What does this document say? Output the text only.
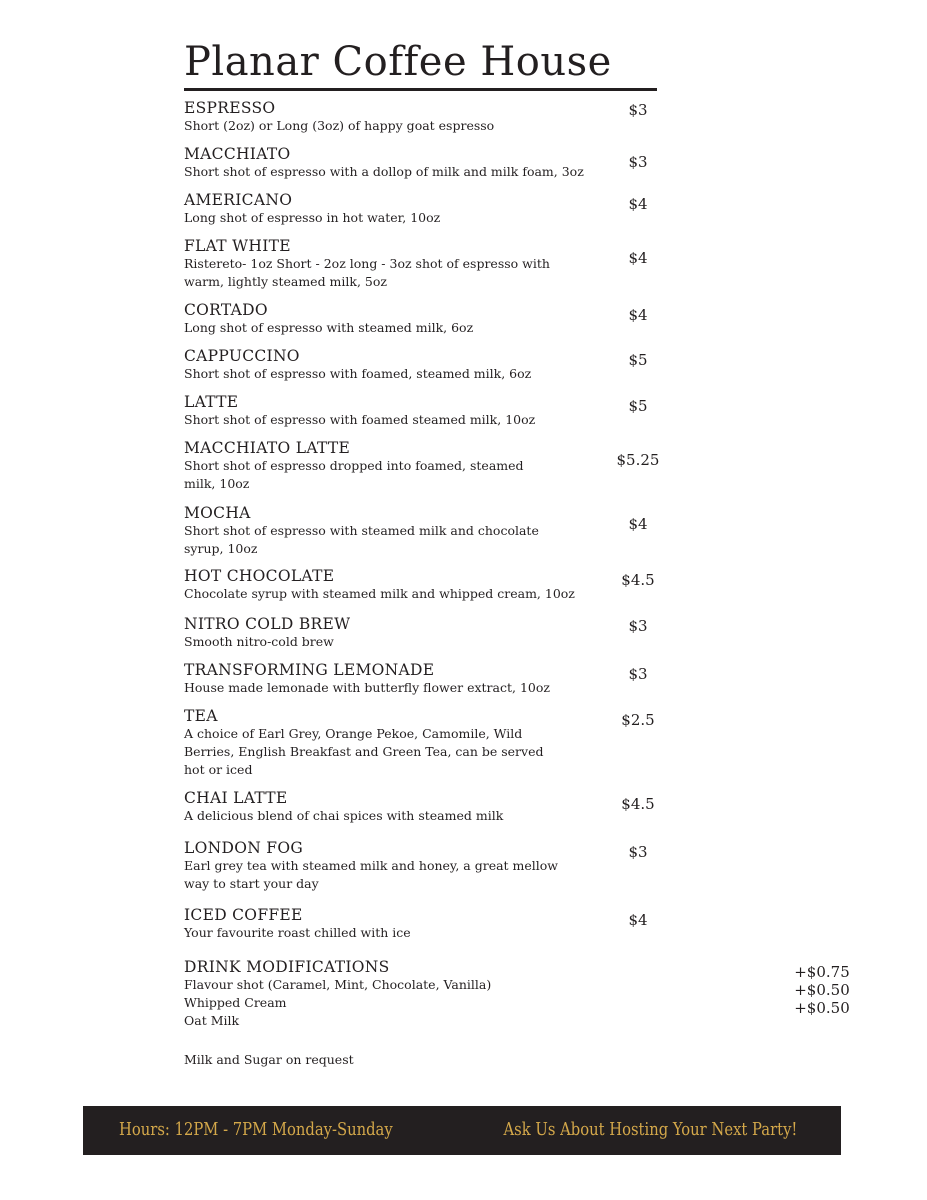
Planar Coffee House
ESPRESSO
Short (2oz) or Long (3oz) of happy goat espresso
$3
MACCHIATO
Short shot of espresso with a dollop of milk and milk foam, 3oz
$3
AMERICANO
Long shot of espresso in hot water, 10oz
$4
FLAT WHITE
Ristereto- 1oz Short - 2oz long - 3oz shot of espresso with warm, lightly steamed milk, 5oz
$4
CORTADO
Long shot of espresso with steamed milk, 6oz
$4
CAPPUCCINO
Short shot of espresso with foamed, steamed milk, 6oz
$5
LATTE
Short shot of espresso with foamed steamed milk, 10oz
$5
MACCHIATO LATTE
Short shot of espresso dropped into foamed, steamed milk, 10oz
$5.25
MOCHA
Short shot of espresso with steamed milk and chocolate syrup, 10oz
$4
HOT CHOCOLATE
Chocolate syrup with steamed milk and whipped cream, 10oz
$4.5
NITRO COLD BREW
Smooth nitro-cold brew
$3
TRANSFORMING LEMONADE
House made lemonade with butterfly flower extract, 10oz
$3
TEA
A choice of Earl Grey, Orange Pekoe, Camomile, Wild Berries, English Breakfast and Green Tea, can be served hot or iced
$2.5
CHAI LATTE
A delicious blend of chai spices with steamed milk
$4.5
LONDON FOG
Earl grey tea with steamed milk and honey, a great mellow way to start your day
$3
ICED COFFEE
Your favourite roast chilled with ice
$4
DRINK MODIFICATIONS
Flavour shot (Caramel, Mint, Chocolate, Vanilla)
+$0.75
Whipped Cream
+$0.50
Oat Milk
+$0.50
Milk and Sugar on request
Hours: 12PM - 7PM Monday-Sunday	Ask Us About Hosting Your Next Party!
